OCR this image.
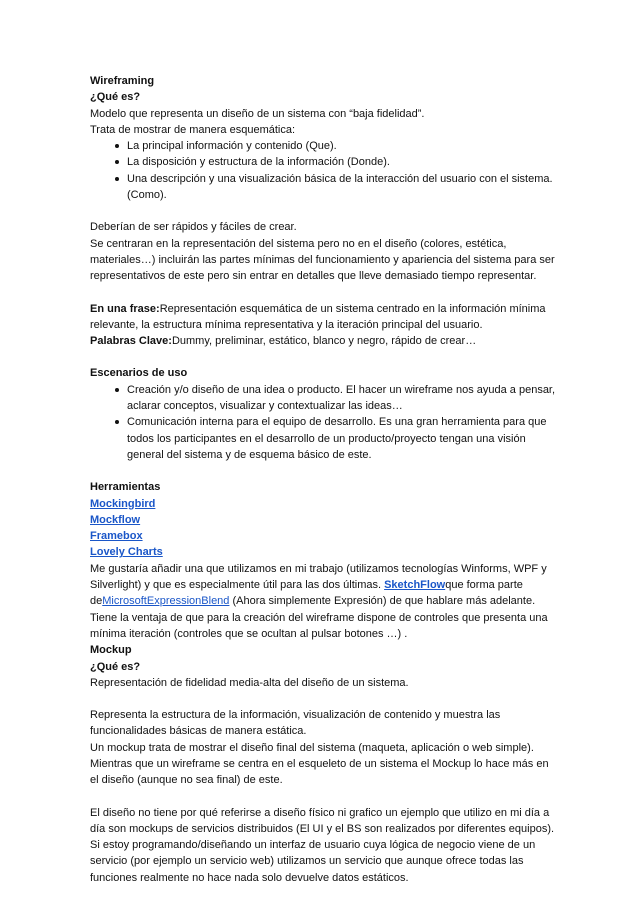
Wireframing

¿Qué es?

Modelo que representa un diseño de un sistema con “baja fidelidad”.

Trata de mostrar de manera esquemática:

La principal información y contenido (Que).
La disposición y estructura de la información (Donde).
Una descripción y una visualización básica de la interacción del usuario con el sistema. (Como).

Deberían de ser rápidos y fáciles de crear.

Se centraran en la representación del sistema pero no en el diseño (colores, estética, materiales…) incluirán las partes mínimas del funcionamiento y apariencia del sistema para ser representativos de este pero sin entrar en detalles que lleve demasiado tiempo representar.

En una frase:Representación esquemática de un sistema centrado en la información mínima relevante, la estructura mínima representativa y la iteración principal del usuario.

Palabras Clave:Dummy, preliminar, estático, blanco y negro, rápido de crear…

Escenarios de uso

Creación y/o diseño de una idea o producto. El hacer un wireframe nos ayuda a pensar, aclarar conceptos, visualizar y contextualizar las ideas…
Comunicación interna para el equipo de desarrollo. Es una gran herramienta para que todos los participantes en el desarrollo de un producto/proyecto tengan una visión general del sistema y de esquema básico de este.

Herramientas

Mockingbird

Mockflow

Framebox

Lovely Charts

Me gustaría añadir una que utilizamos en mi trabajo (utilizamos tecnologías Winforms, WPF y Silverlight) y que es especialmente útil para las dos últimas. SketchFlowque forma parte deMicrosoftExpressionBlend (Ahora simplemente Expresión) de que hablare más adelante.

Tiene la ventaja de que para la creación del wireframe dispone de controles que presenta una mínima iteración (controles que se ocultan al pulsar botones …) .

Mockup

¿Qué es?

Representación de fidelidad media-alta del diseño de un sistema.

Representa la estructura de la información, visualización de contenido y muestra las funcionalidades básicas de manera estática.

Un mockup trata de mostrar el diseño final del sistema (maqueta, aplicación o web simple).

Mientras que un wireframe se centra en el esqueleto de un sistema el Mockup lo hace más en el diseño (aunque no sea final) de este.

El diseño no tiene por qué referirse a diseño físico ni grafico un ejemplo que utilizo en mi día a día son mockups de servicios distribuidos (El UI y el BS son realizados por diferentes equipos).

Si estoy programando/diseñando un interfaz de usuario cuya lógica de negocio viene de un servicio (por ejemplo un servicio web) utilizamos un servicio que aunque ofrece todas las funciones realmente no hace nada solo devuelve datos estáticos.
